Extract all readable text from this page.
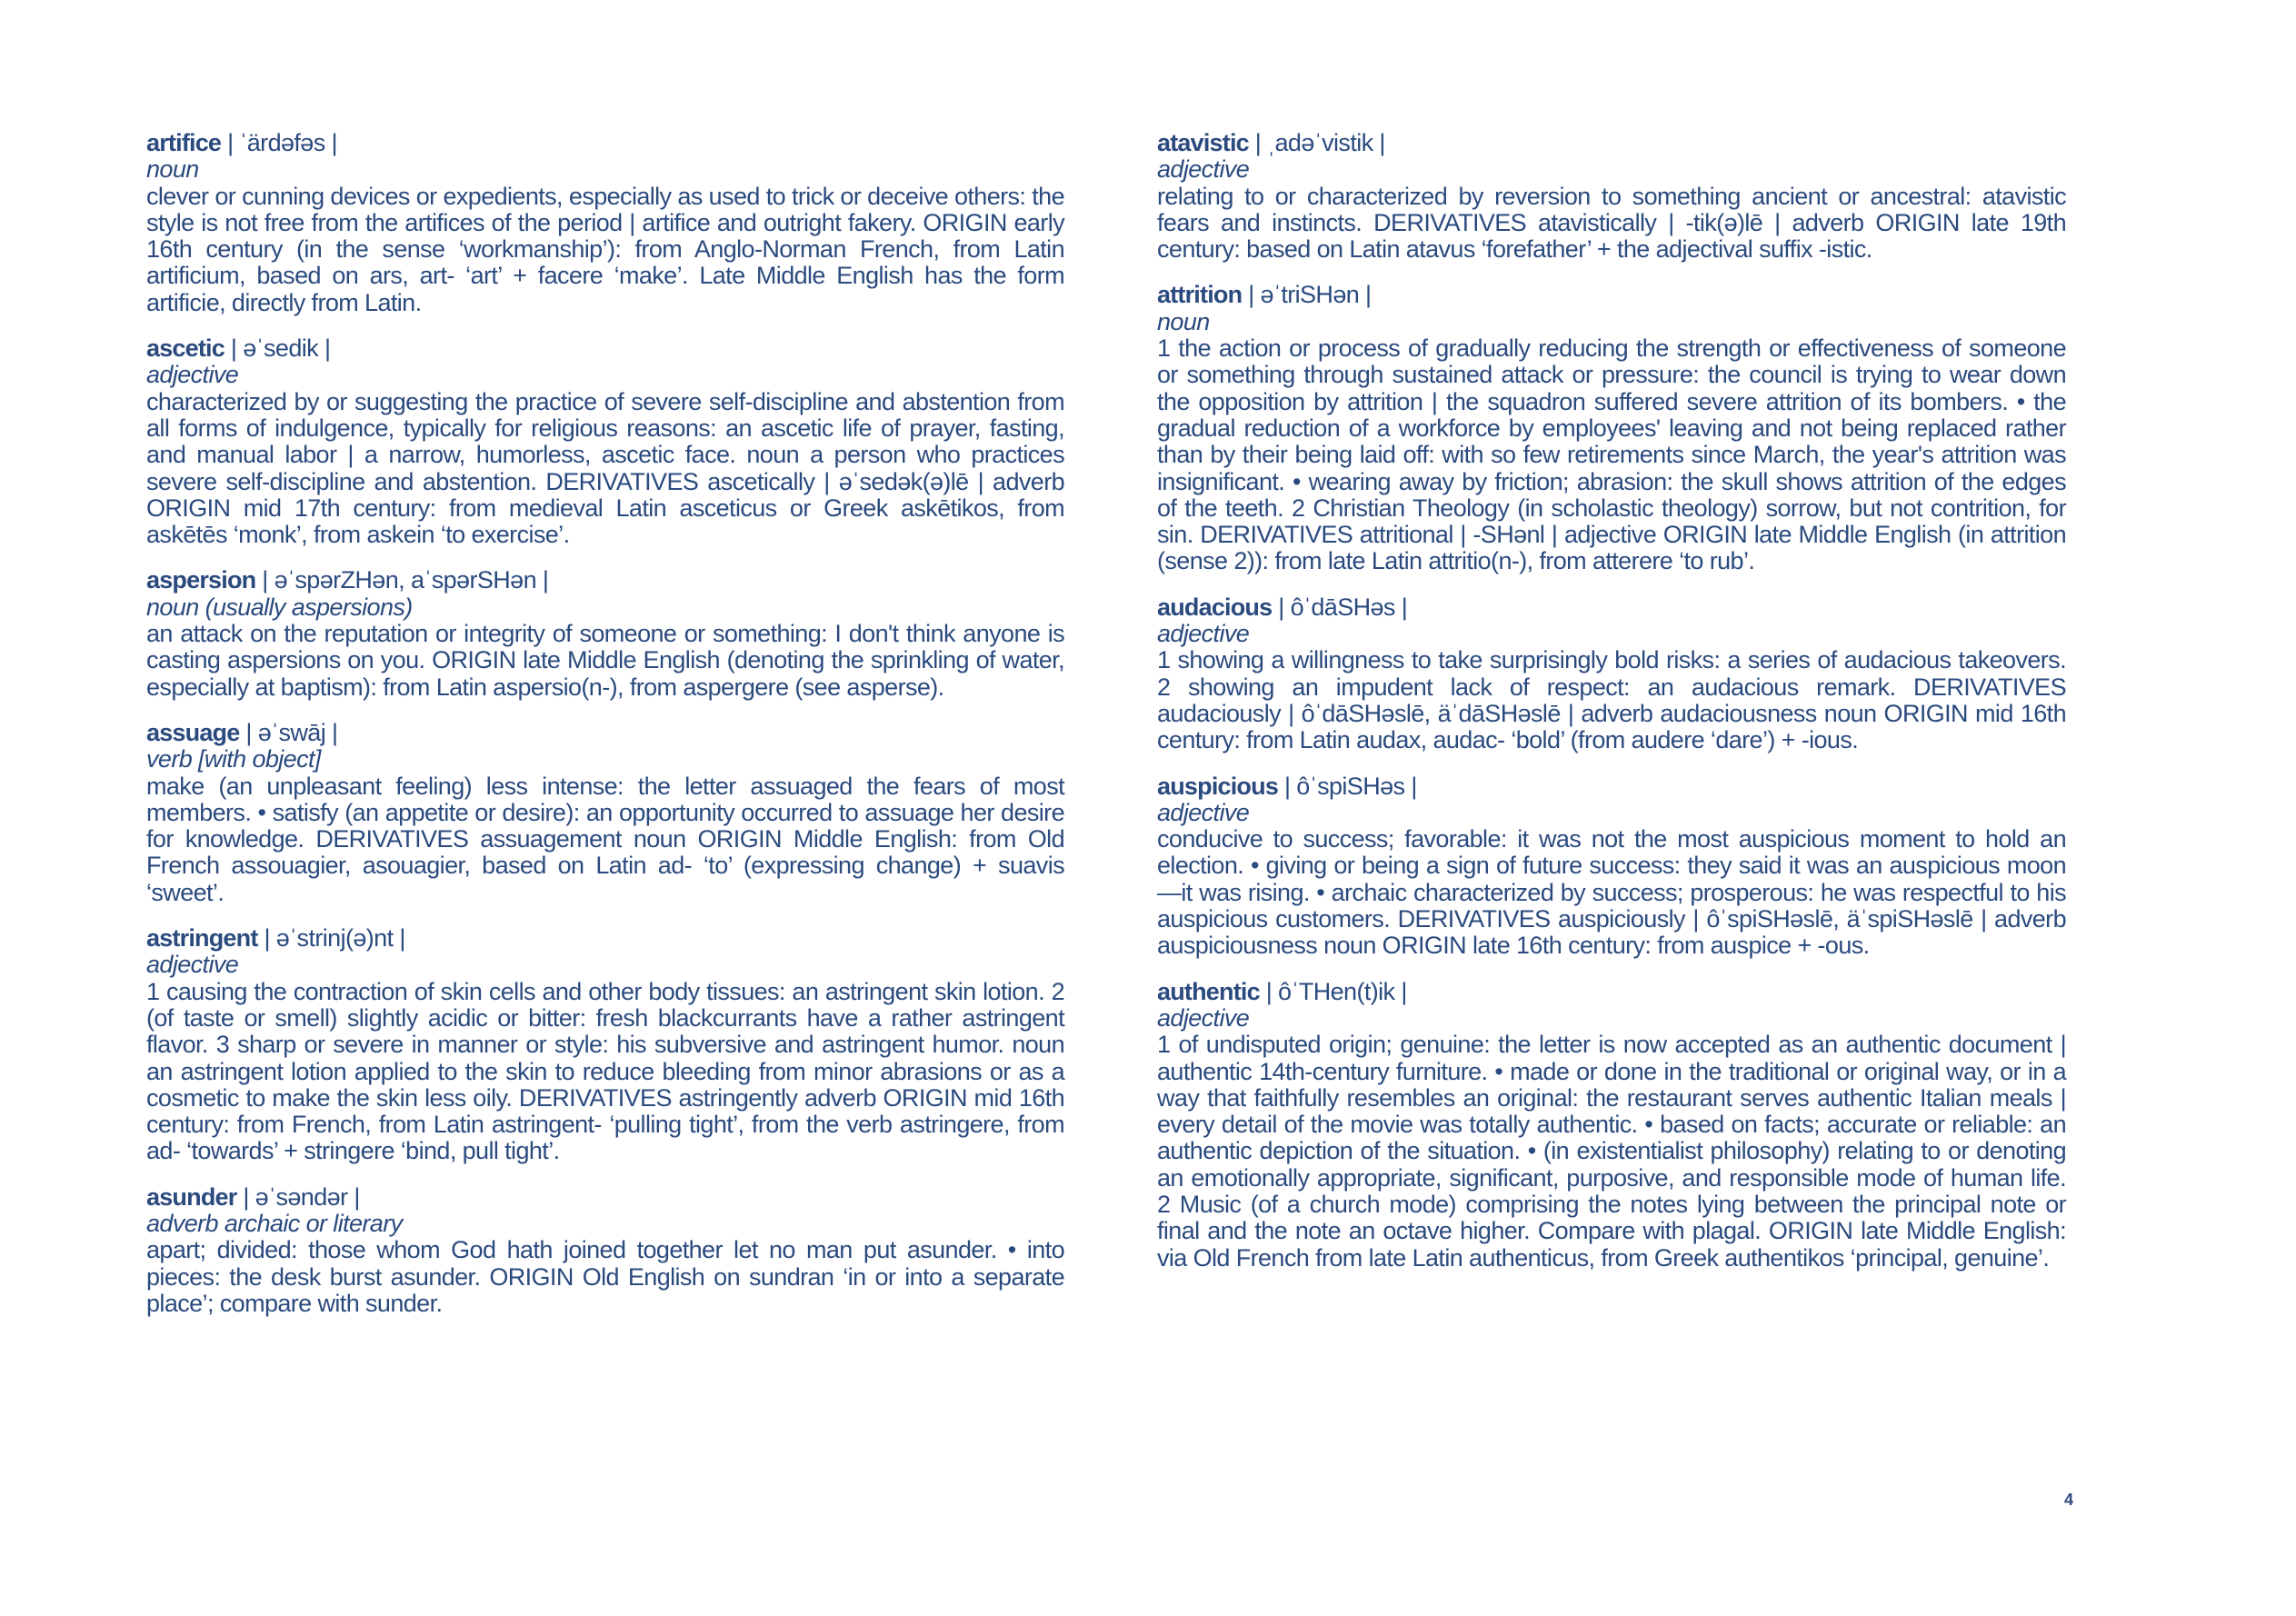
artifice | ˈärdəfəs |
noun
clever or cunning devices or expedients, especially as used to trick or deceive others: the style is not free from the artifices of the period | artifice and outright fakery. ORIGIN early 16th century (in the sense ‘workmanship’): from Anglo-Norman French, from Latin artificium, based on ars, art- ‘art’ + facere ‘make’. Late Middle English has the form artificie, directly from Latin.
ascetic | əˈsedik |
adjective
characterized by or suggesting the practice of severe self-discipline and abstention from all forms of indulgence, typically for religious reasons: an ascetic life of prayer, fasting, and manual labor | a narrow, humorless, ascetic face. noun a person who practices severe self-discipline and abstention. DERIVATIVES ascetically | əˈsedək(ə)lē | adverb ORIGIN mid 17th century: from medieval Latin asceticus or Greek askētikos, from askētēs ‘monk’, from askein ‘to exercise’.
aspersion | əˈspərZHən, aˈspərSHən |
noun (usually aspersions)
an attack on the reputation or integrity of someone or something: I don't think anyone is casting aspersions on you. ORIGIN late Middle English (denoting the sprinkling of water, especially at baptism): from Latin aspersio(n-), from aspergere (see asperse).
assuage | əˈswāj |
verb [with object]
make (an unpleasant feeling) less intense: the letter assuaged the fears of most members. • satisfy (an appetite or desire): an opportunity occurred to assuage her desire for knowledge. DERIVATIVES assuagement noun ORIGIN Middle English: from Old French assouagier, asouagier, based on Latin ad- ‘to’ (expressing change) + suavis ‘sweet’.
astringent | əˈstrinj(ə)nt |
adjective
1 causing the contraction of skin cells and other body tissues: an astringent skin lotion. 2 (of taste or smell) slightly acidic or bitter: fresh blackcurrants have a rather astringent flavor. 3 sharp or severe in manner or style: his subversive and astringent humor. noun an astringent lotion applied to the skin to reduce bleeding from minor abrasions or as a cosmetic to make the skin less oily. DERIVATIVES astringently adverb ORIGIN mid 16th century: from French, from Latin astringent- ‘pulling tight’, from the verb astringere, from ad- ‘towards’ + stringere ‘bind, pull tight’.
asunder | əˈsəndər |
adverb archaic or literary
apart; divided: those whom God hath joined together let no man put asunder. • into pieces: the desk burst asunder. ORIGIN Old English on sundran ‘in or into a separate place’; compare with sunder.
atavistic | ˌadəˈvistik |
adjective
relating to or characterized by reversion to something ancient or ancestral: atavistic fears and instincts. DERIVATIVES atavistically | -tik(ə)lē | adverb ORIGIN late 19th century: based on Latin atavus ‘forefather’ + the adjectival suffix -istic.
attrition | əˈtriSHən |
noun
1 the action or process of gradually reducing the strength or effectiveness of someone or something through sustained attack or pressure: the council is trying to wear down the opposition by attrition | the squadron suffered severe attrition of its bombers. • the gradual reduction of a workforce by employees' leaving and not being replaced rather than by their being laid off: with so few retirements since March, the year's attrition was insignificant. • wearing away by friction; abrasion: the skull shows attrition of the edges of the teeth. 2 Christian Theology (in scholastic theology) sorrow, but not contrition, for sin. DERIVATIVES attritional | -SHənl | adjective ORIGIN late Middle English (in attrition (sense 2)): from late Latin attritio(n-), from atterere ‘to rub’.
audacious | ôˈdāSHəs |
adjective
1 showing a willingness to take surprisingly bold risks: a series of audacious takeovers. 2 showing an impudent lack of respect: an audacious remark. DERIVATIVES audaciously | ôˈdāSHəslē, äˈdāSHəslē | adverb audaciousness noun ORIGIN mid 16th century: from Latin audax, audac- ‘bold’ (from audere ‘dare’) + -ious.
auspicious | ôˈspiSHəs |
adjective
conducive to success; favorable: it was not the most auspicious moment to hold an election. • giving or being a sign of future success: they said it was an auspicious moon—it was rising. • archaic characterized by success; prosperous: he was respectful to his auspicious customers. DERIVATIVES auspiciously | ôˈspiSHəslē, äˈspiSHəslē | adverb auspiciousness noun ORIGIN late 16th century: from auspice + -ous.
authentic | ôˈTHen(t)ik |
adjective
1 of undisputed origin; genuine: the letter is now accepted as an authentic document | authentic 14th-century furniture. • made or done in the traditional or original way, or in a way that faithfully resembles an original: the restaurant serves authentic Italian meals | every detail of the movie was totally authentic. • based on facts; accurate or reliable: an authentic depiction of the situation. • (in existentialist philosophy) relating to or denoting an emotionally appropriate, significant, purposive, and responsible mode of human life. 2 Music (of a church mode) comprising the notes lying between the principal note or final and the note an octave higher. Compare with plagal. ORIGIN late Middle English: via Old French from late Latin authenticus, from Greek authentikos ‘principal, genuine’.
4
